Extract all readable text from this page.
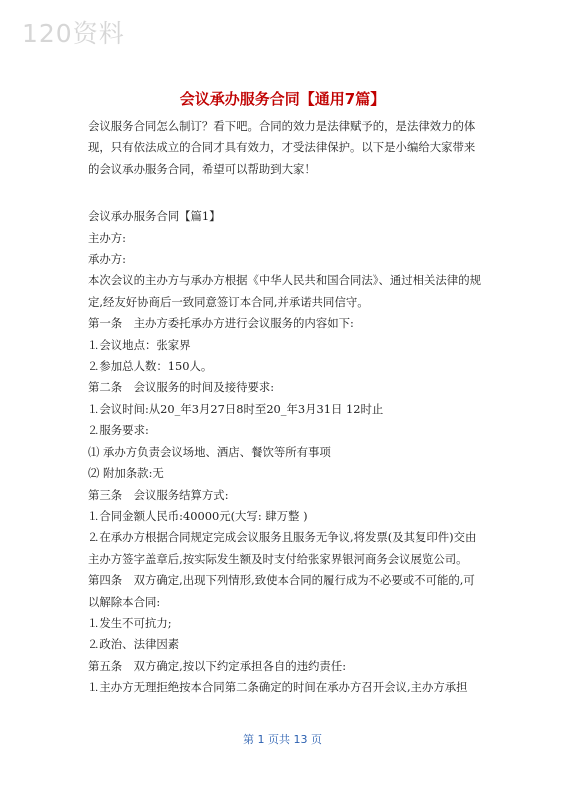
120资料
会议承办服务合同【通用7篇】

会议服务合同怎么制订？看下吧。合同的效力是法律赋予的，是法律效力的体现，只有依法成立的合同才具有效力，才受法律保护。以下是小编给大家带来的会议承办服务合同，希望可以帮助到大家！

会议承办服务合同【篇1】
主办方:
承办方:
本次会议的主办方与承办方根据《中华人民共和国合同法》、通过相关法律的规定,经友好协商后一致同意签订本合同,并承诺共同信守。
第一条　主办方委托承办方进行会议服务的内容如下:
⒈会议地点：张家界
⒉参加总人数：150人。
第二条　会议服务的时间及接待要求:
⒈会议时间:从20_年3月27日8时至20_年3月31日 12时止
⒉服务要求:
⑴ 承办方负责会议场地、酒店、餐饮等所有事项
⑵ 附加条款:无
第三条　会议服务结算方式:
⒈合同金额人民币:40000元(大写: 肆万整 )
⒉在承办方根据合同规定完成会议服务且服务无争议,将发票(及其复印件)交由主办方签字盖章后,按实际发生额及时支付给张家界银河商务会议展览公司。
第四条　双方确定,出现下列情形,致使本合同的履行成为不必要或不可能的,可以解除本合同:
⒈发生不可抗力;
⒉政治、法律因素
第五条　双方确定,按以下约定承担各自的违约责任:
⒈主办方无理拒绝按本合同第二条确定的时间在承办方召开会议,主办方承担
第 1 页共 13 页
